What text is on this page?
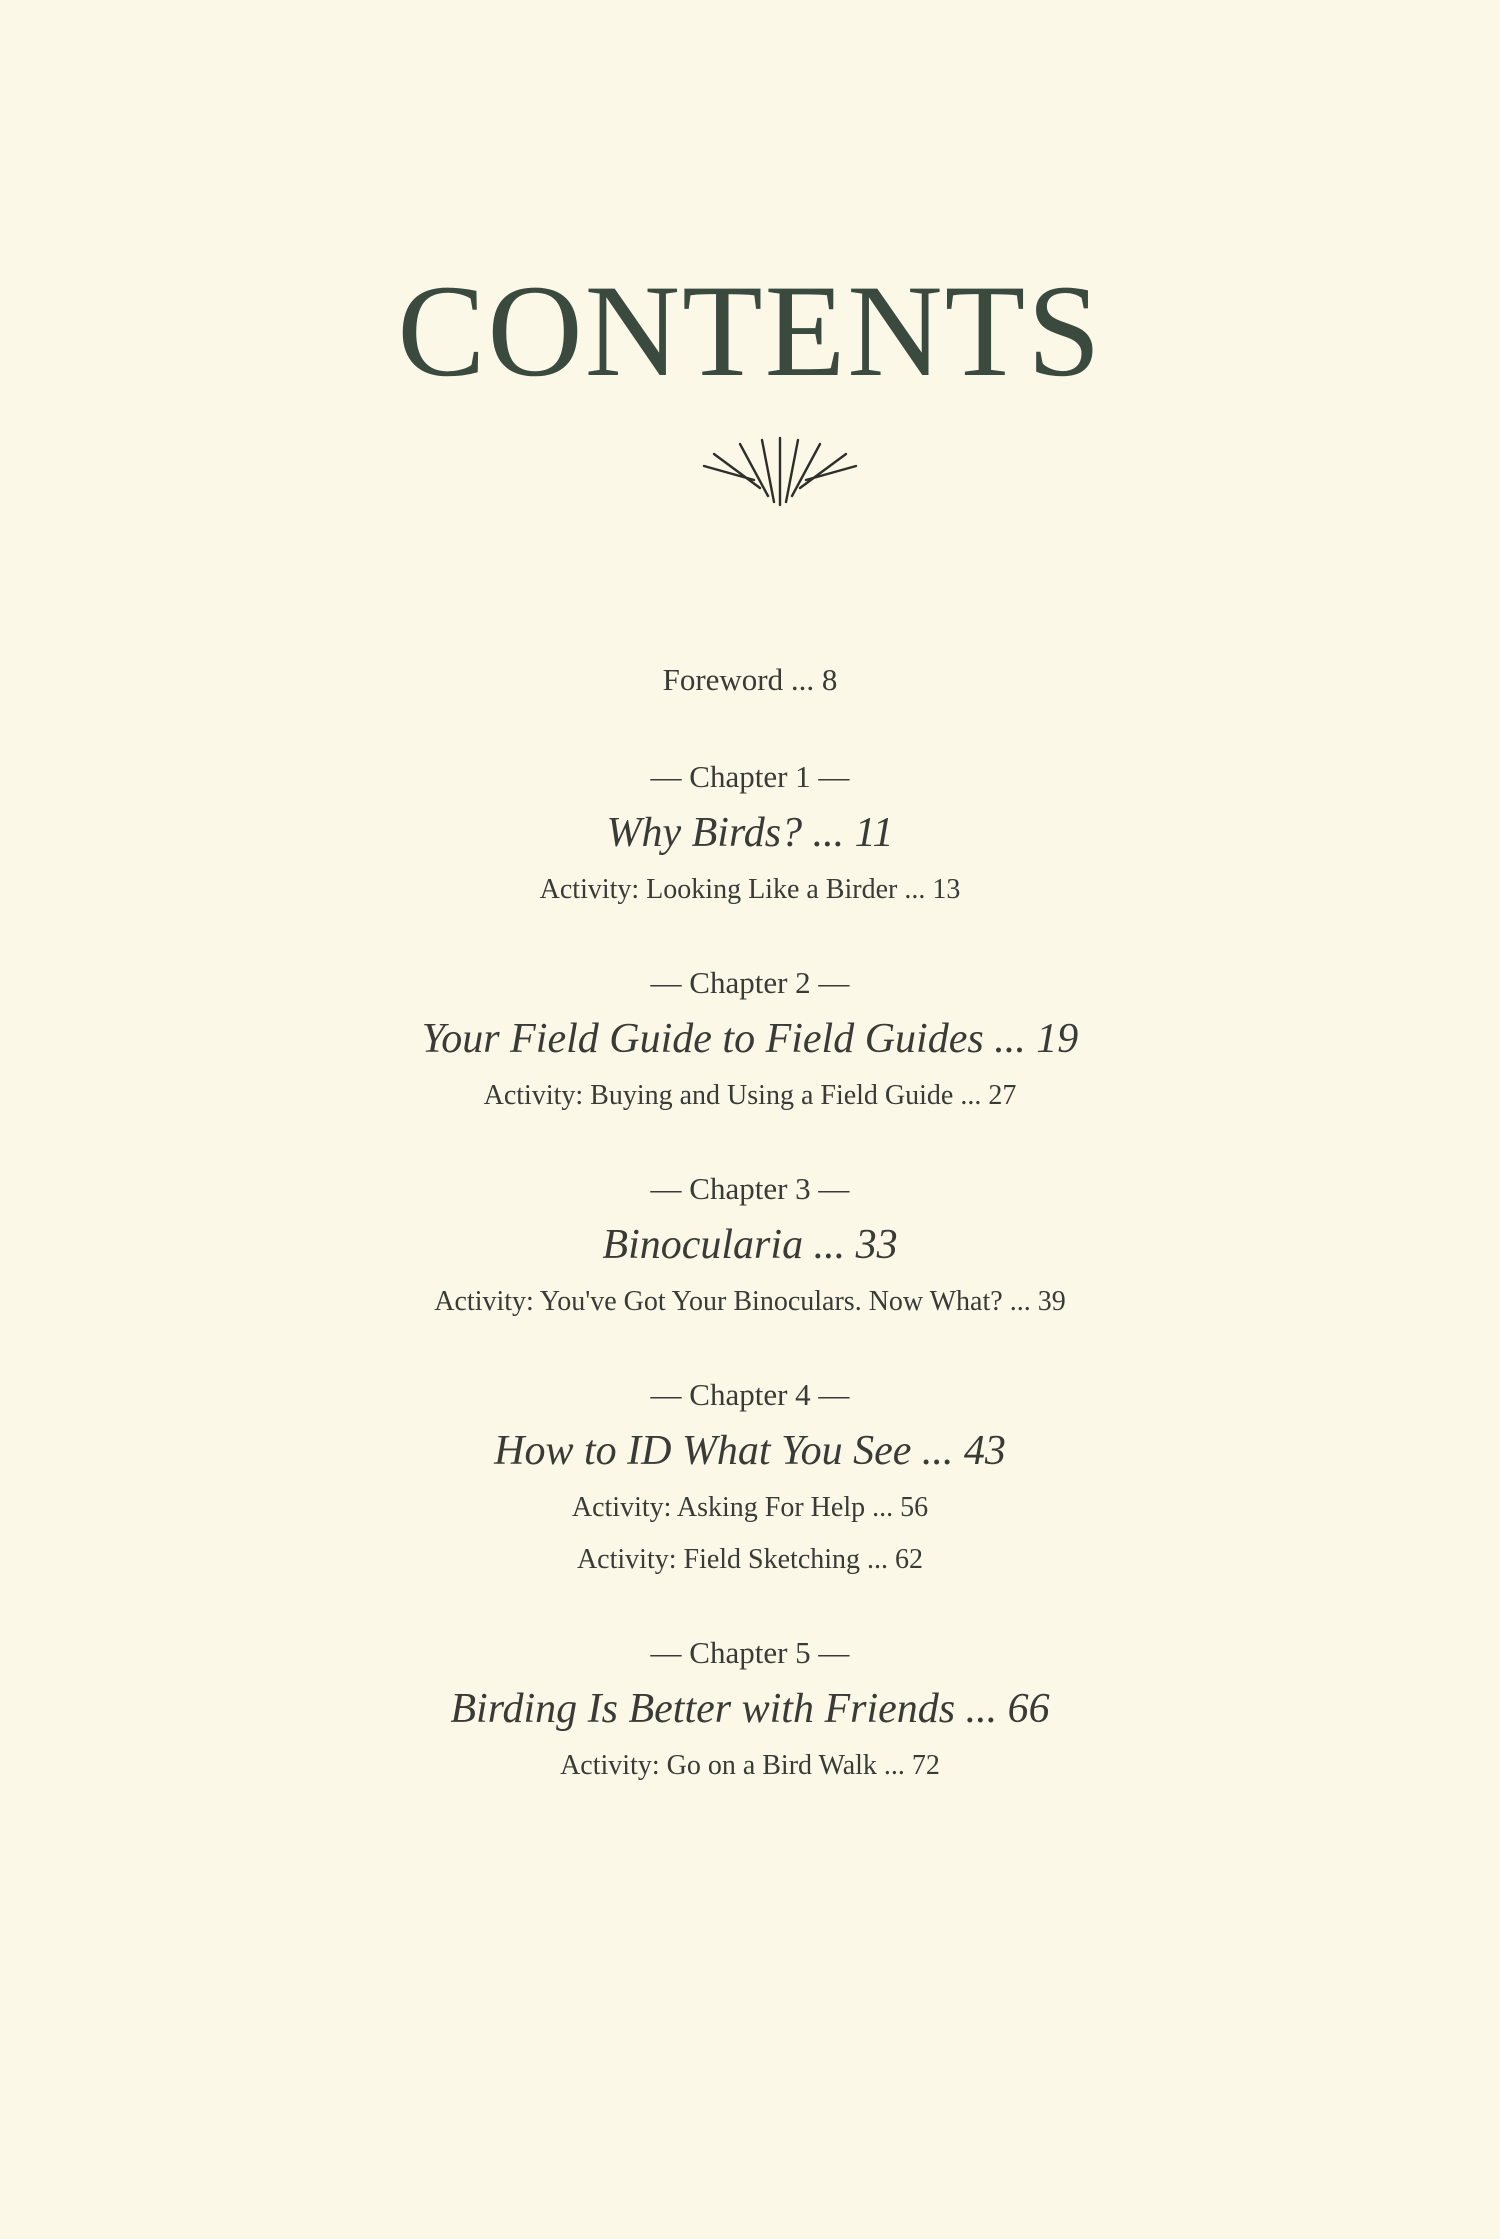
CONTENTS
Foreword ... 8
— Chapter 1 —
Why Birds? ... 11
Activity: Looking Like a Birder ... 13
— Chapter 2 —
Your Field Guide to Field Guides ... 19
Activity: Buying and Using a Field Guide ... 27
— Chapter 3 —
Binocularia ... 33
Activity: You've Got Your Binoculars. Now What? ... 39
— Chapter 4 —
How to ID What You See ... 43
Activity: Asking For Help ... 56
Activity: Field Sketching ... 62
— Chapter 5 —
Birding Is Better with Friends ... 66
Activity: Go on a Bird Walk ... 72
